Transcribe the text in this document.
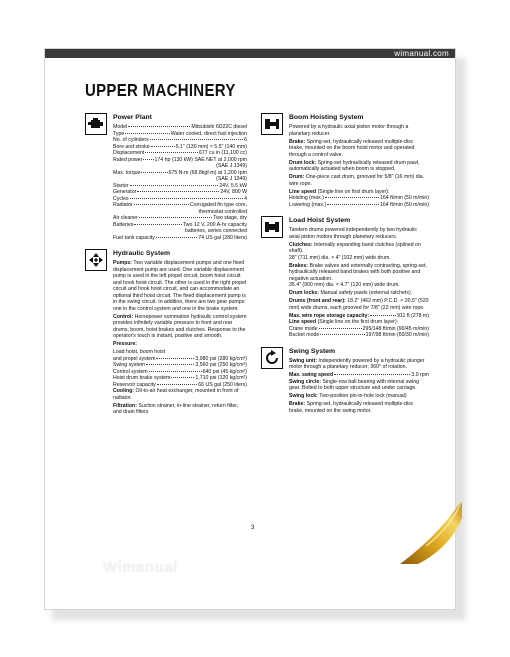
wimanual.com
UPPER MACHINERY
Power Plant
Model	Mitsubishi 6D22C diesel
Type	Water cooled, direct fuel injection
No. of cylinders	6
Bore and stroke	5.1" (130 mm) × 5.5" (140 mm)
Displacement	677 cu in (11,100 cc)
Rated power 174 hp (130 kW) SAE NET at 2,000 rpm
(SAE J 1349)
Max. torque	675 N-m (68.8kgf-m) at 1,200 rpm
(SAE J 1349)
Starter	24V, 5.5 kW
Generator	24V, 800 W
Cycles	4
Radiator	Corrugated fin type core,
thermostat controlled
Air cleaner	Two stage, dry
Batteries	Two 12 V, 200 A-hr capacity
batteries, series connected
Fuel tank capacity	74 US gal (280 liters)
Hydraulic System

Pumps: Two variable displacement pumps and one fixed displacement pump are used. One variable displacement pump is used in the left propel circuit, boom hoist circuit and hook hoist circuit. The other is used in the right propel circuit and hook hoist circuit, and can accommodate an optional third hoist circuit. The fixed displacement pump is in the swing circuit. In addition, there are two gear pumps: one in the control system and one in the brake system.

Control: Horsepower summation hydraulic control system provides infinitely variable pressure to front and rear drums, boom, hoist brakes and clutches. Response to the operator's touch is instant, positive and smooth.

Pressure:

Load hoist, boom hoist

and propel system	3,980 psi (280 kg/cm²)
Swing system	3,560 psi (250 kg/cm²)
Control system	640 psi (45 kg/cm²)
Hoist drum brake system	1,710 psi (120 kg/cm²)
Reservoir capacity	66 US gal (250 liters)

Cooling: Oil-to-air heat exchanger, mounted in front of radiator.

Filtration: Suction strainer, in-line strainer, return filter, and drain filters

Boom Hoisting System

Powered by a hydraulic axial piston motor through a planetary reducer.

Brake: Spring-set, hydraulically released multiple-disc brake, mounted on the boom hoist motor and operated through a control valve.

Drum lock: Spring-set hydraulically released drum pawl, automatically actuated when boom is stopped.

Drum: One-piece cast drum, grooved for 5/8" (16 mm) dia. wire rope.

Line speed (Single line on first drum layer):

Hoisting (max.)	164 ft/min (50 m/min)
Lowering (max.)	164 ft/min (50 m/min)
Load Hoist System

Tandem drums powered independently by two hydraulic axial piston motors through planetary reducers.

Clutches: Internally expanding band clutches (splined on shaft).

28" (711 mm) dia. × 4" (102 mm) wide drum.

Brakes: Brake valves and externally contracting, spring-set, hydraulically released band brakes with both positive and negative actuation.

35.4" (900 mm) dia. × 4.7" (120 mm) wide drum.

Drum locks: Manual safety pawls (external ratchets).

Drums (front and rear): 18.2" (462 mm) P.C.D. × 20.5" (520 mm) wide drums, each grooved for 7/8" (22 mm) wire rope.

Max. wire rope storage capacity:	911 ft (278 m)

Line speed (Single line on the first drum layer):

Crane mode	295/148 ft/min (90/45 m/min)
Bucket mode	197/98 ft/min (60/30 m/min)
Swing System

Swing unit: Independently powered by a hydraulic plunger motor through a planetary reducer; 360° of rotation.

Max. swing speed	3.0 rpm

Swing circle: Single-row ball bearing with internal swing gear. Bolted to both upper structure and under carriage.

Swing lock: Two-position pin-in-hole lock (manual)

Brake: Spring-set, hydraulically released multiple-disc brake, mounted on the swing motor.

3
Wimanual
